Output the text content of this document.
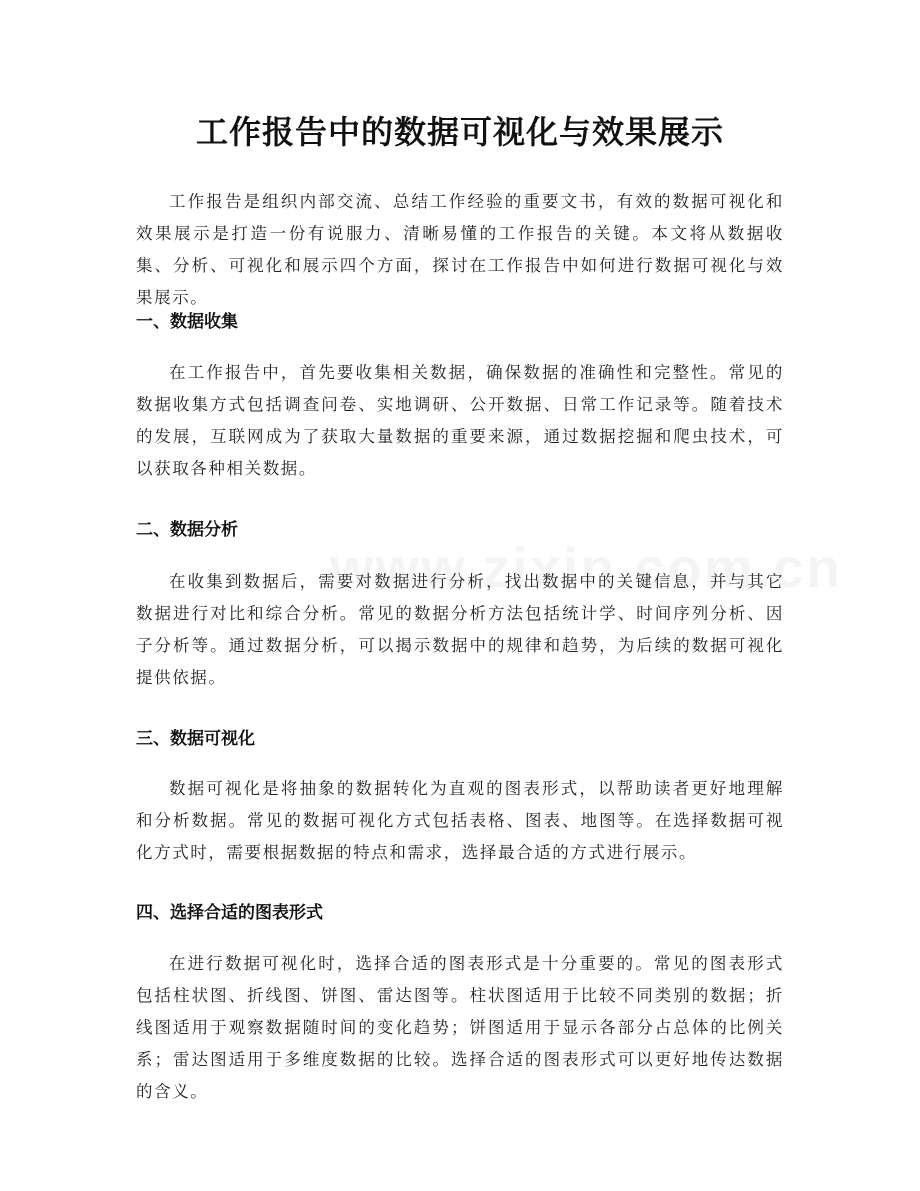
工作报告中的数据可视化与效果展示

工作报告是组织内部交流、总结工作经验的重要文书，有效的数据可视化和效果展示是打造一份有说服力、清晰易懂的工作报告的关键。本文将从数据收集、分析、可视化和展示四个方面，探讨在工作报告中如何进行数据可视化与效果展示。

一、数据收集

在工作报告中，首先要收集相关数据，确保数据的准确性和完整性。常见的数据收集方式包括调查问卷、实地调研、公开数据、日常工作记录等。随着技术的发展，互联网成为了获取大量数据的重要来源，通过数据挖掘和爬虫技术，可以获取各种相关数据。

二、数据分析

在收集到数据后，需要对数据进行分析，找出数据中的关键信息，并与其它数据进行对比和综合分析。常见的数据分析方法包括统计学、时间序列分析、因子分析等。通过数据分析，可以揭示数据中的规律和趋势，为后续的数据可视化提供依据。

三、数据可视化

数据可视化是将抽象的数据转化为直观的图表形式，以帮助读者更好地理解和分析数据。常见的数据可视化方式包括表格、图表、地图等。在选择数据可视化方式时，需要根据数据的特点和需求，选择最合适的方式进行展示。

四、选择合适的图表形式

在进行数据可视化时，选择合适的图表形式是十分重要的。常见的图表形式包括柱状图、折线图、饼图、雷达图等。柱状图适用于比较不同类别的数据；折线图适用于观察数据随时间的变化趋势；饼图适用于显示各部分占总体的比例关系；雷达图适用于多维度数据的比较。选择合适的图表形式可以更好地传达数据的含义。
